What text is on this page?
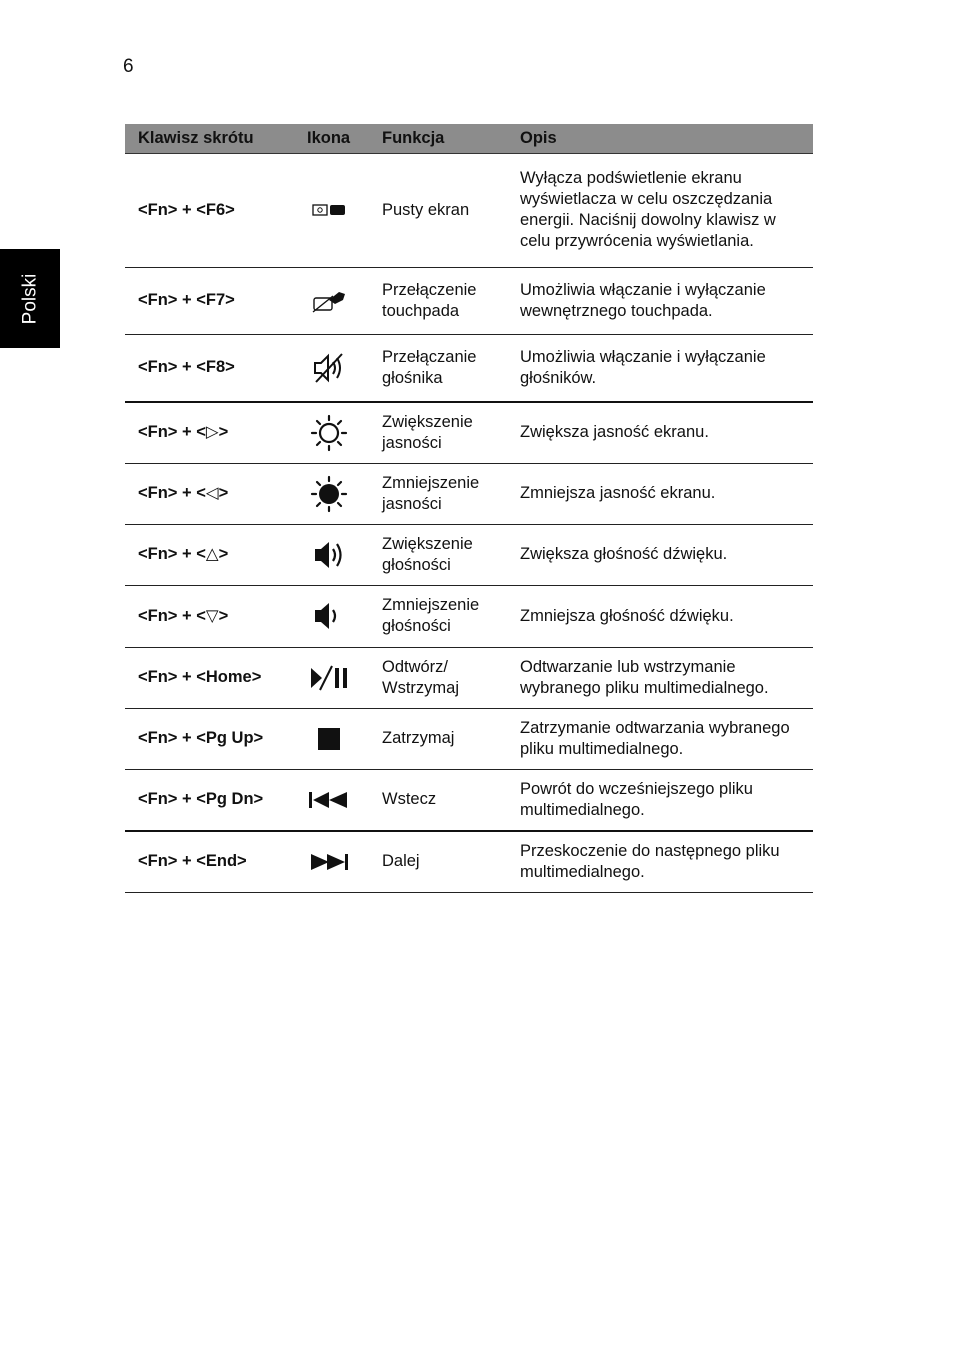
6
Polski
Klawisz skrótu	Ikona	Funkcja	Opis
<Fn> + <F6>		Pusty ekran	Wyłącza podświetlenie ekranu wyświetlacza w celu oszczędzania energii. Naciśnij dowolny klawisz w celu przywrócenia wyświetlania.
<Fn> + <F7>		Przełączenie touchpada	Umożliwia włączanie i wyłączanie wewnętrznego touchpada.
<Fn> + <F8>		Przełączanie głośnika	Umożliwia włączanie i wyłączanie głośników.
<Fn> + <▷>		Zwiększenie jasności	Zwiększa jasność ekranu.
<Fn> + <◁>		Zmniejszenie jasności	Zmniejsza jasność ekranu.
<Fn> + <△>		Zwiększenie głośności	Zwiększa głośność dźwięku.
<Fn> + <▽>		Zmniejszenie głośności	Zmniejsza głośność dźwięku.
<Fn> + <Home>		Odtwórz/ Wstrzymaj	Odtwarzanie lub wstrzymanie wybranego pliku multimedialnego.
<Fn> + <Pg Up>		Zatrzymaj	Zatrzymanie odtwarzania wybranego pliku multimedialnego.
<Fn> + <Pg Dn>		Wstecz	Powrót do wcześniejszego pliku multimedialnego.
<Fn> + <End>		Dalej	Przeskoczenie do następnego pliku multimedialnego.
